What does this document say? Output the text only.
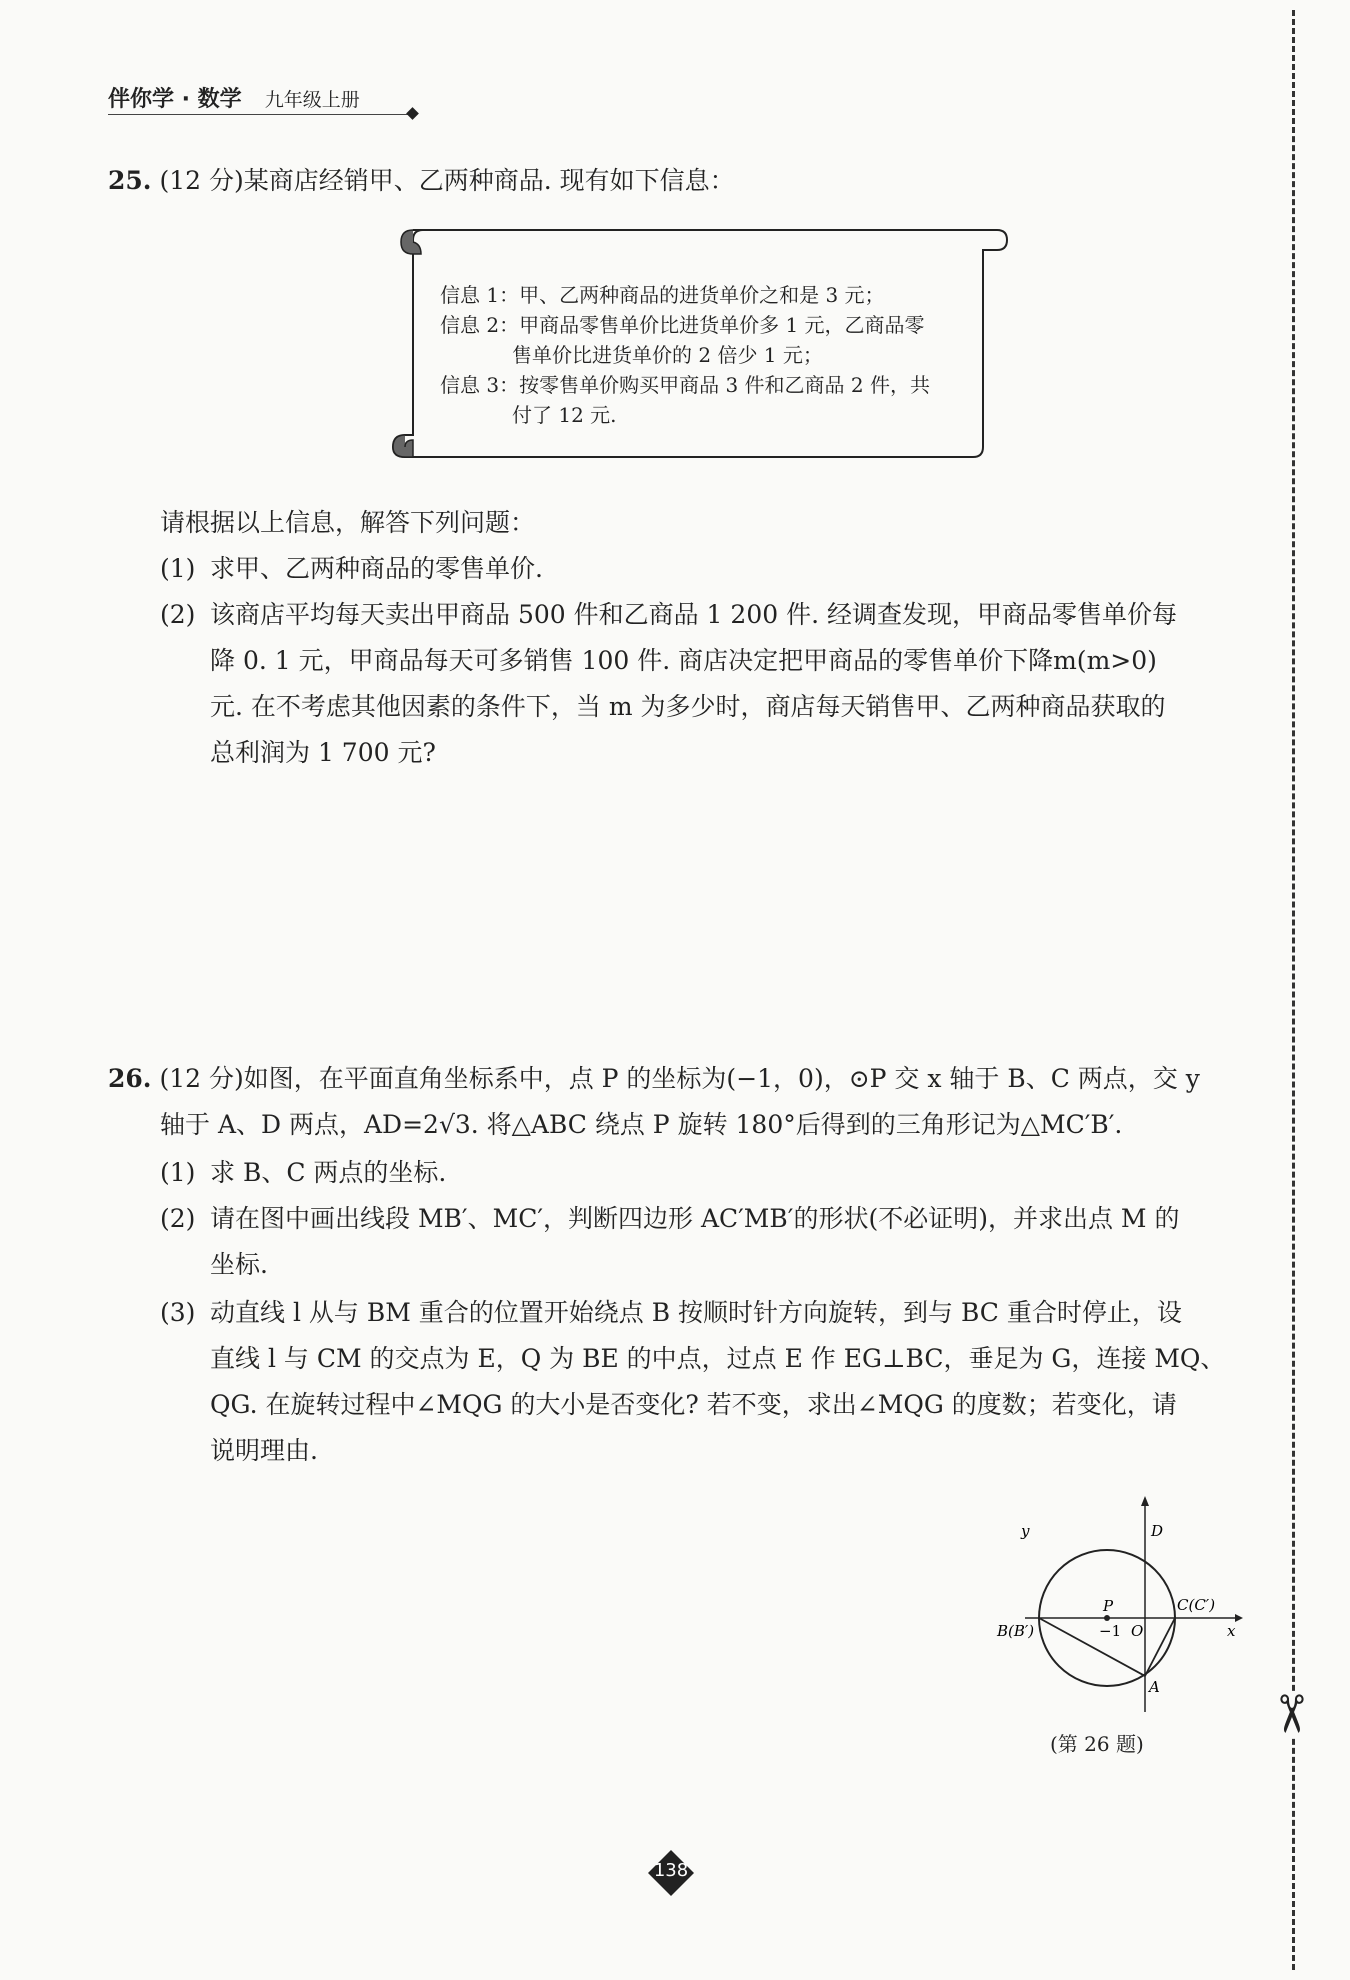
伴你学 · 数学 九年级上册
✂
25. (12 分)某商店经销甲、乙两种商品. 现有如下信息：
信息 1：甲、乙两种商品的进货单价之和是 3 元；
信息 2：甲商品零售单价比进货单价多 1 元，乙商品零
售单价比进货单价的 2 倍少 1 元；
信息 3：按零售单价购买甲商品 3 件和乙商品 2 件，共
付了 12 元.
请根据以上信息，解答下列问题：
(1) 求甲、乙两种商品的零售单价.
(2) 该商店平均每天卖出甲商品 500 件和乙商品 1 200 件. 经调查发现，甲商品零售单价每
降 0. 1 元，甲商品每天可多销售 100 件. 商店决定把甲商品的零售单价下降m(m>0)
元. 在不考虑其他因素的条件下，当 m 为多少时，商店每天销售甲、乙两种商品获取的
总利润为 1 700 元?
26. (12 分)如图，在平面直角坐标系中，点 P 的坐标为(−1，0)，⊙P 交 x 轴于 B、C 两点，交 y
轴于 A、D 两点，AD=2√3. 将△ABC 绕点 P 旋转 180°后得到的三角形记为△MC′B′.
(1) 求 B、C 两点的坐标.
(2) 请在图中画出线段 MB′、MC′，判断四边形 AC′MB′的形状(不必证明)，并求出点 M 的
坐标.
(3) 动直线 l 从与 BM 重合的位置开始绕点 B 按顺时针方向旋转，到与 BC 重合时停止，设
直线 l 与 CM 的交点为 E，Q 为 BE 的中点，过点 E 作 EG⊥BC，垂足为 G，连接 MQ、
QG. 在旋转过程中∠MQG 的大小是否变化? 若不变，求出∠MQG 的度数；若变化，请
说明理由.
y	D
P	C(C′)
x
B(B′)	−1 O
A
(第 26 题)
138
